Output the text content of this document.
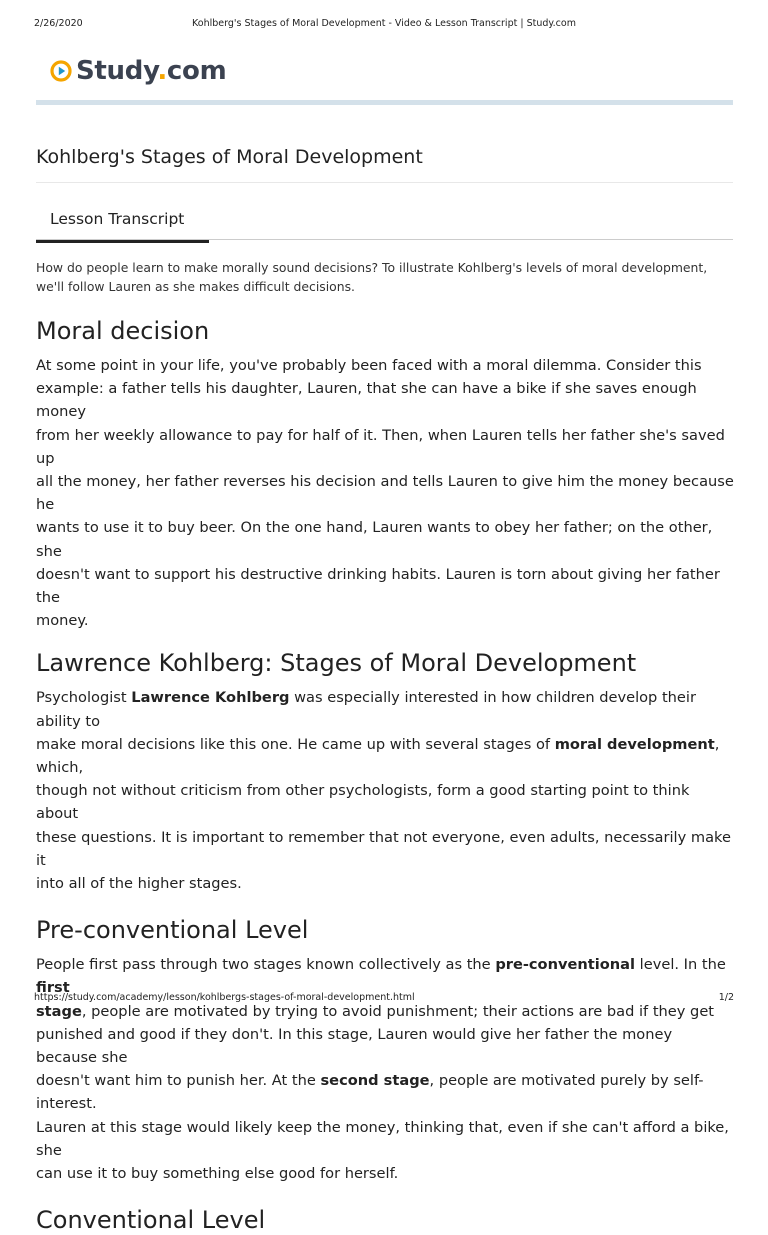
2/26/2020	Kohlberg's Stages of Moral Development - Video & Lesson Transcript | Study.com
Study.com
Kohlberg's Stages of Moral Development
Lesson Transcript

How do people learn to make morally sound decisions? To illustrate Kohlberg's levels of moral development, we'll follow Lauren as she makes difficult decisions.

Moral decision

At some point in your life, you've probably been faced with a moral dilemma. Consider this
example: a father tells his daughter, Lauren, that she can have a bike if she saves enough money
from her weekly allowance to pay for half of it. Then, when Lauren tells her father she's saved up
all the money, her father reverses his decision and tells Lauren to give him the money because he
wants to use it to buy beer. On the one hand, Lauren wants to obey her father; on the other, she
doesn't want to support his destructive drinking habits. Lauren is torn about giving her father the
money.

Lawrence Kohlberg: Stages of Moral Development

Psychologist Lawrence Kohlberg was especially interested in how children develop their ability to
make moral decisions like this one. He came up with several stages of moral development, which,
though not without criticism from other psychologists, form a good starting point to think about
these questions. It is important to remember that not everyone, even adults, necessarily make it
into all of the higher stages.

Pre-conventional Level

People first pass through two stages known collectively as the pre-conventional level. In the first
stage, people are motivated by trying to avoid punishment; their actions are bad if they get
punished and good if they don't. In this stage, Lauren would give her father the money because she
doesn't want him to punish her. At the second stage, people are motivated purely by self-interest.
Lauren at this stage would likely keep the money, thinking that, even if she can't afford a bike, she
can use it to buy something else good for herself.

Conventional Level
https://study.com/academy/lesson/kohlbergs-stages-of-moral-development.html	1/2
